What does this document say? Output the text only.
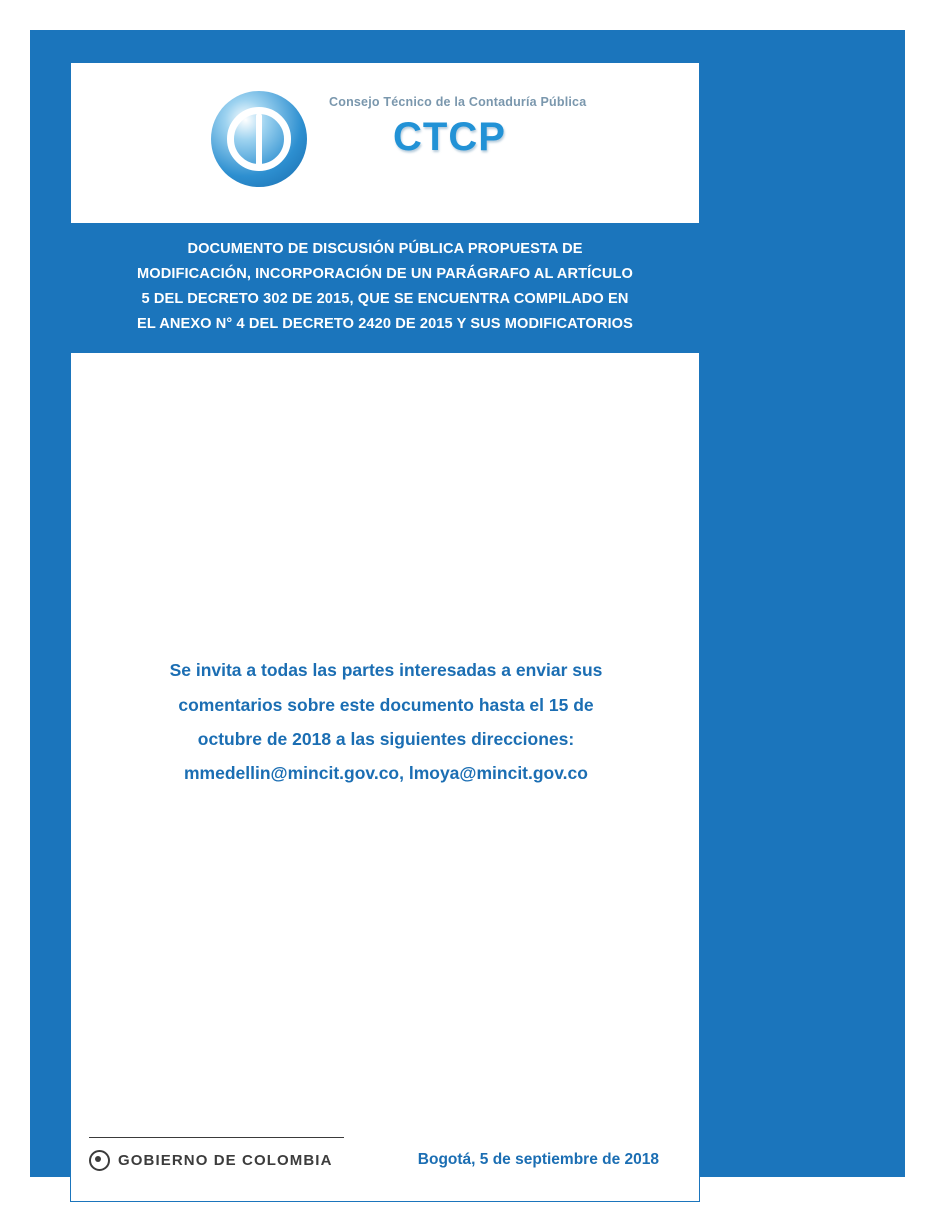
Consejo Técnico de la Contaduría Pública
CTCP
DOCUMENTO DE DISCUSIÓN PÚBLICA PROPUESTA DE
MODIFICACIÓN, INCORPORACIÓN DE UN PARÁGRAFO AL ARTÍCULO
5 DEL DECRETO 302 DE 2015, QUE SE ENCUENTRA COMPILADO EN
EL ANEXO N° 4 DEL DECRETO 2420 DE 2015 Y SUS MODIFICATORIOS
Se invita a todas las partes interesadas a enviar sus
comentarios sobre este documento hasta el 15 de
octubre de 2018 a las siguientes direcciones:
mmedellin@mincit.gov.co, lmoya@mincit.gov.co
GOBIERNO DE COLOMBIA	Bogotá, 5 de septiembre de 2018
